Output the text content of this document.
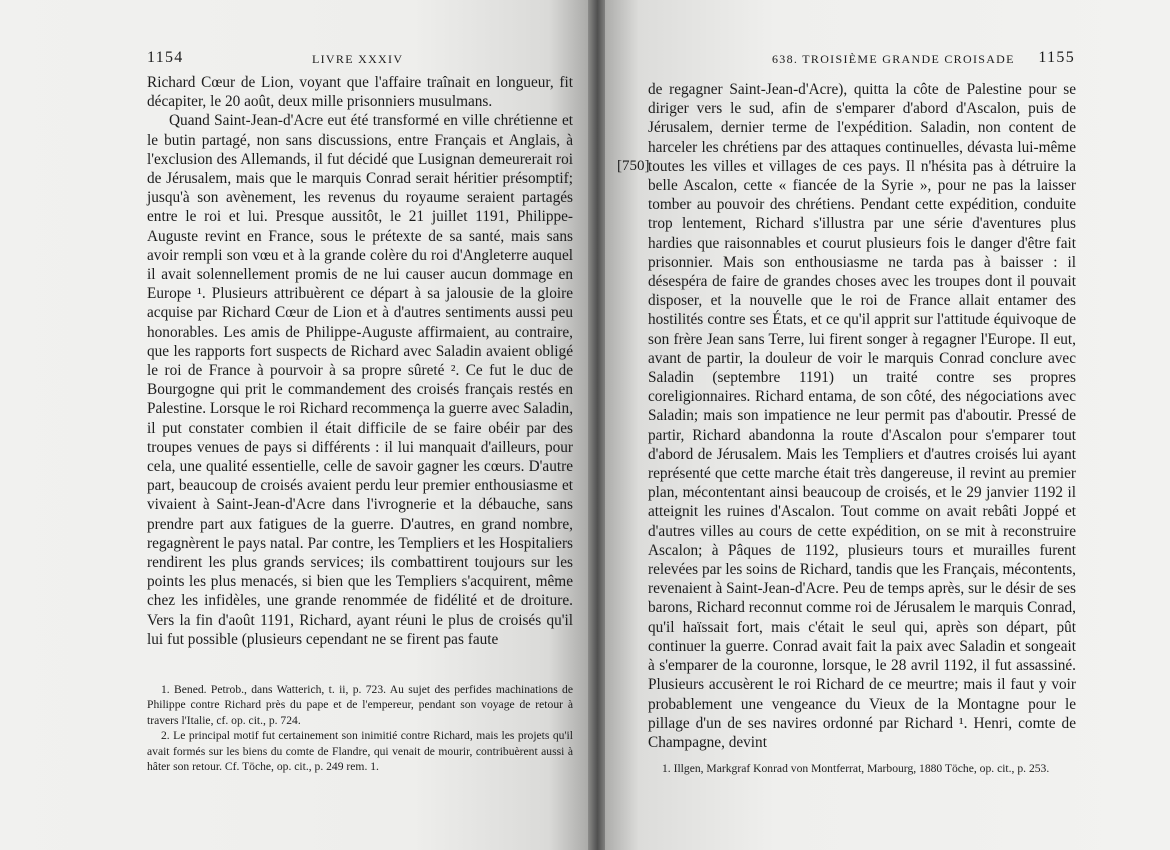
1154	LIVRE XXXIV

Richard Cœur de Lion, voyant que l'affaire traînait en longueur, fit décapiter, le 20 août, deux mille prisonniers musulmans.

Quand Saint-Jean-d'Acre eut été transformé en ville chrétienne et le butin partagé, non sans discussions, entre Français et Anglais, à l'exclusion des Allemands, il fut décidé que Lusignan demeurerait roi de Jérusalem, mais que le marquis Conrad serait héritier présomptif; jusqu'à son avènement, les revenus du royaume seraient partagés entre le roi et lui. Presque aussitôt, le 21 juillet 1191, Philippe-Auguste revint en France, sous le prétexte de sa santé, mais sans avoir rempli son vœu et à la grande colère du roi d'Angleterre auquel il avait solennellement promis de ne lui causer aucun dommage en Europe ¹. Plusieurs attribuèrent ce départ à sa jalousie de la gloire acquise par Richard Cœur de Lion et à d'autres sentiments aussi peu honorables. Les amis de Philippe-Auguste affirmaient, au contraire, que les rapports fort suspects de Richard avec Saladin avaient obligé le roi de France à pourvoir à sa propre sûreté ². Ce fut le duc de Bourgogne qui prit le commandement des croisés français restés en Palestine. Lorsque le roi Richard recommença la guerre avec Saladin, il put constater combien il était difficile de se faire obéir par des troupes venues de pays si différents : il lui manquait d'ailleurs, pour cela, une qualité essentielle, celle de savoir gagner les cœurs. D'autre part, beaucoup de croisés avaient perdu leur premier enthousiasme et vivaient à Saint-Jean-d'Acre dans l'ivrognerie et la débauche, sans prendre part aux fatigues de la guerre. D'autres, en grand nombre, regagnèrent le pays natal. Par contre, les Templiers et les Hospitaliers rendirent les plus grands services; ils combattirent toujours sur les points les plus menacés, si bien que les Templiers s'acquirent, même chez les infidèles, une grande renommée de fidélité et de droiture. Vers la fin d'août 1191, Richard, ayant réuni le plus de croisés qu'il lui fut possible (plusieurs cependant ne se firent pas faute

1. Bened. Petrob., dans Watterich, t. ii, p. 723. Au sujet des perfides machinations de Philippe contre Richard près du pape et de l'empereur, pendant son voyage de retour à travers l'Italie, cf. op. cit., p. 724.

2. Le principal motif fut certainement son inimitié contre Richard, mais les projets qu'il avait formés sur les biens du comte de Flandre, qui venait de mourir, contribuèrent aussi à hâter son retour. Cf. Töche, op. cit., p. 249 rem. 1.

638. TROISIÈME GRANDE CROISADE 1155
[750]

de regagner Saint-Jean-d'Acre), quitta la côte de Palestine pour se diriger vers le sud, afin de s'emparer d'abord d'Ascalon, puis de Jérusalem, dernier terme de l'expédition. Saladin, non content de harceler les chrétiens par des attaques continuelles, dévasta lui-même toutes les villes et villages de ces pays. Il n'hésita pas à détruire la belle Ascalon, cette « fiancée de la Syrie », pour ne pas la laisser tomber au pouvoir des chrétiens. Pendant cette expédition, conduite trop lentement, Richard s'illustra par une série d'aventures plus hardies que raisonnables et courut plusieurs fois le danger d'être fait prisonnier. Mais son enthousiasme ne tarda pas à baisser : il désespéra de faire de grandes choses avec les troupes dont il pouvait disposer, et la nouvelle que le roi de France allait entamer des hostilités contre ses États, et ce qu'il apprit sur l'attitude équivoque de son frère Jean sans Terre, lui firent songer à regagner l'Europe. Il eut, avant de partir, la douleur de voir le marquis Conrad conclure avec Saladin (septembre 1191) un traité contre ses propres coreligionnaires. Richard entama, de son côté, des négociations avec Saladin; mais son impatience ne leur permit pas d'aboutir. Pressé de partir, Richard abandonna la route d'Ascalon pour s'emparer tout d'abord de Jérusalem. Mais les Templiers et d'autres croisés lui ayant représenté que cette marche était très dangereuse, il revint au premier plan, mécontentant ainsi beaucoup de croisés, et le 29 janvier 1192 il atteignit les ruines d'Ascalon. Tout comme on avait rebâti Joppé et d'autres villes au cours de cette expédition, on se mit à reconstruire Ascalon; à Pâques de 1192, plusieurs tours et murailles furent relevées par les soins de Richard, tandis que les Français, mécontents, revenaient à Saint-Jean-d'Acre. Peu de temps après, sur le désir de ses barons, Richard reconnut comme roi de Jérusalem le marquis Conrad, qu'il haïssait fort, mais c'était le seul qui, après son départ, pût continuer la guerre. Conrad avait fait la paix avec Saladin et songeait à s'emparer de la couronne, lorsque, le 28 avril 1192, il fut assassiné. Plusieurs accusèrent le roi Richard de ce meurtre; mais il faut y voir probablement une vengeance du Vieux de la Montagne pour le pillage d'un de ses navires ordonné par Richard ¹. Henri, comte de Champagne, devint

1. Illgen, Markgraf Konrad von Montferrat, Marbourg, 1880 Töche, op. cit., p. 253.
